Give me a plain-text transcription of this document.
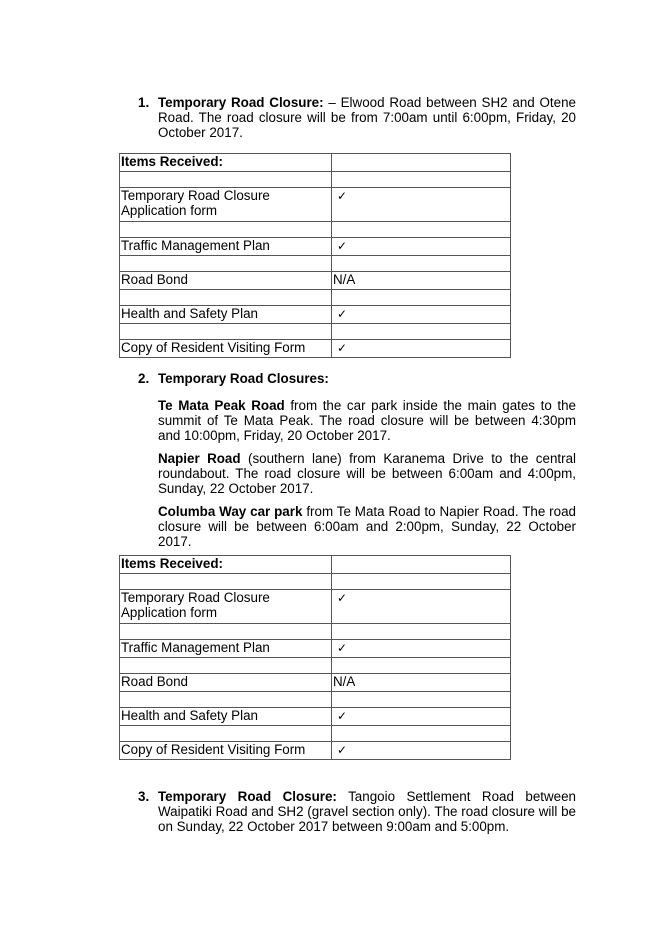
1. Temporary Road Closure: – Elwood Road between SH2 and Otene Road. The road closure will be from 7:00am until 6:00pm, Friday, 20 October 2017.
Items Received:	

Temporary Road Closure Application form	✓

Traffic Management Plan	✓

Road Bond	N/A

Health and Safety Plan	✓

Copy of Resident Visiting Form	✓
2. Temporary Road Closures:
Te Mata Peak Road from the car park inside the main gates to the summit of Te Mata Peak. The road closure will be between 4:30pm and 10:00pm, Friday, 20 October 2017.
Napier Road (southern lane) from Karanema Drive to the central roundabout. The road closure will be between 6:00am and 4:00pm, Sunday, 22 October 2017.
Columba Way car park from Te Mata Road to Napier Road. The road closure will be between 6:00am and 2:00pm, Sunday, 22 October 2017.
Items Received:	

Temporary Road Closure Application form	✓

Traffic Management Plan	✓

Road Bond	N/A

Health and Safety Plan	✓

Copy of Resident Visiting Form	✓
3. Temporary Road Closure: Tangoio Settlement Road between Waipatiki Road and SH2 (gravel section only). The road closure will be on Sunday, 22 October 2017 between 9:00am and 5:00pm.
